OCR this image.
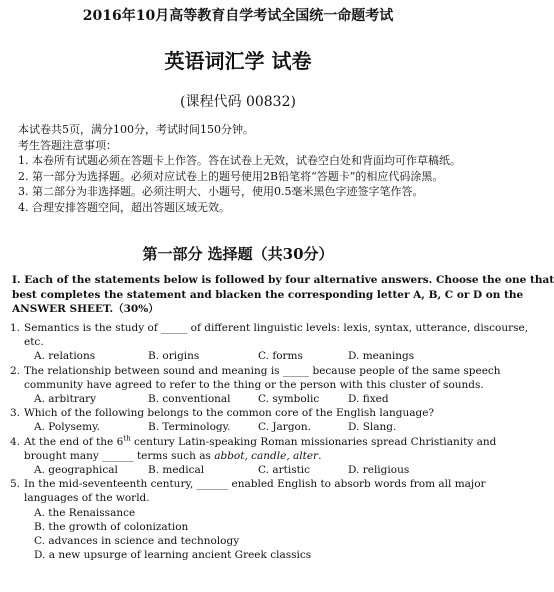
2016年10月高等教育自学考试全国统一命题考试
英语词汇学 试卷
(课程代码 00832)
本试卷共5页，满分100分，考试时间150分钟。
考生答题注意事项：
1. 本卷所有试题必须在答题卡上作答。答在试卷上无效，试卷空白处和背面均可作草稿纸。
2. 第一部分为选择题。必须对应试卷上的题号使用2B铅笔将“答题卡”的相应代码涂黑。
3. 第二部分为非选择题。必须注明大、小题号，使用0.5毫米黑色字迹签字笔作答。
4. 合理安排答题空间，超出答题区域无效。
第一部分 选择题（共30分）
I. Each of the statements below is followed by four alternative answers. Choose the one that
best completes the statement and blacken the corresponding letter A, B, C or D on the
ANSWER SHEET.（30%）
1. Semantics is the study of _____ of different linguistic levels: lexis, syntax, utterance, discourse,
etc.
A. relations	B. origins	C. forms	D. meanings
2. The relationship between sound and meaning is _____ because people of the same speech
community have agreed to refer to the thing or the person with this cluster of sounds.
A. arbitrary	B. conventional	C. symbolic	D. fixed
3. Which of the following belongs to the common core of the English language?
A. Polysemy.	B. Terminology.	C. Jargon.	D. Slang.
4. At the end of the 6th century Latin-speaking Roman missionaries spread Christianity and
brought many ______ terms such as abbot, candle, alter.
A. geographical	B. medical	C. artistic	D. religious
5. In the mid-seventeenth century, ______ enabled English to absorb words from all major
languages of the world.
A. the Renaissance
B. the growth of colonization
C. advances in science and technology
D. a new upsurge of learning ancient Greek classics
